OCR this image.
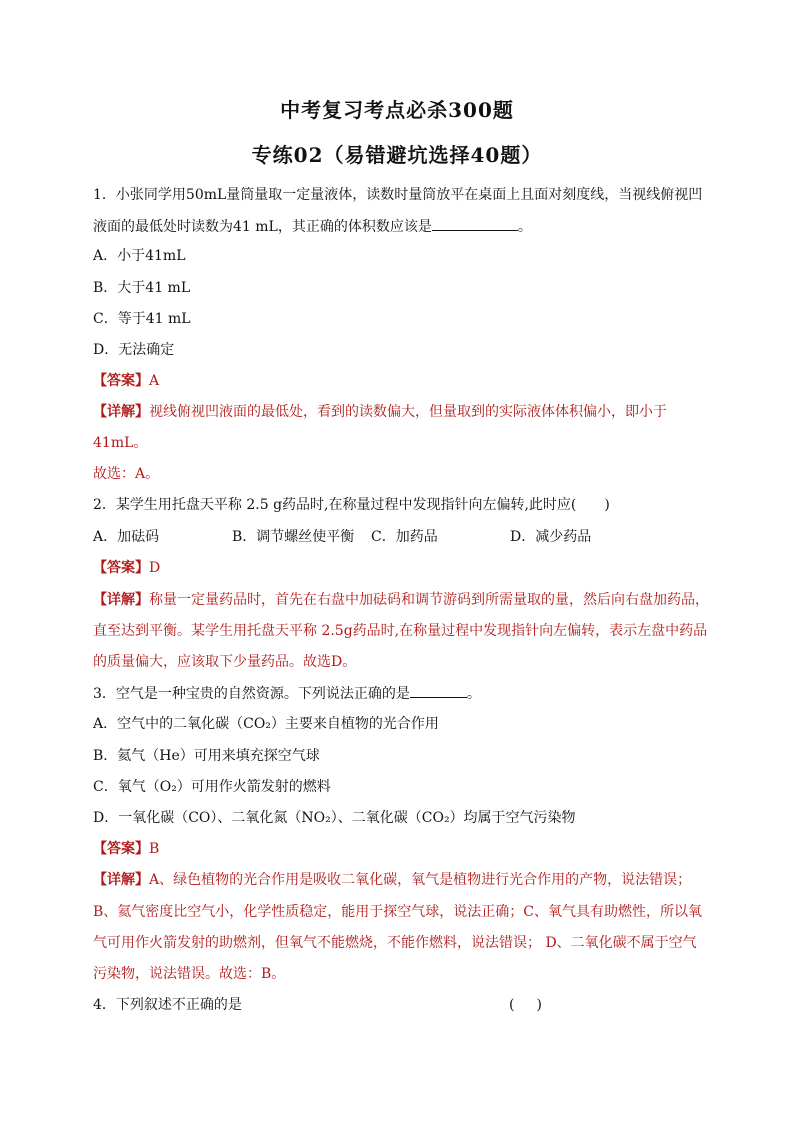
中考复习考点必杀300题
专练02（易错避坑选择40题）
1．小张同学用50mL量筒量取一定量液体，读数时量筒放平在桌面上且面对刻度线，当视线俯视凹
液面的最低处时读数为41 mL，其正确的体积数应该是	。
A．小于41mL
B．大于41 mL
C．等于41 mL
D．无法确定
【答案】A
【详解】视线俯视凹液面的最低处，看到的读数偏大，但量取到的实际液体体积偏小，即小于
41mL。
故选：A。
2．某学生用托盘天平称 2.5 g药品时,在称量过程中发现指针向左偏转,此时应( )
A．加砝码	B．调节螺丝使平衡 C．加药品	D．减少药品
【答案】D
【详解】称量一定量药品时，首先在右盘中加砝码和调节游码到所需量取的量，然后向右盘加药品，
直至达到平衡。某学生用托盘天平称 2.5g药品时,在称量过程中发现指针向左偏转，表示左盘中药品
的质量偏大，应该取下少量药品。故选D。
3．空气是一种宝贵的自然资源。下列说法正确的是	。
A．空气中的二氧化碳（CO₂）主要来自植物的光合作用
B．氦气（He）可用来填充探空气球
C．氧气（O₂）可用作火箭发射的燃料
D．一氧化碳（CO）、二氧化氮（NO₂）、二氧化碳（CO₂）均属于空气污染物
【答案】B
【详解】A、绿色植物的光合作用是吸收二氧化碳，氧气是植物进行光合作用的产物，说法错误；
B、氦气密度比空气小，化学性质稳定，能用于探空气球，说法正确；C、氧气具有助燃性，所以氧
气可用作火箭发射的助燃剂，但氧气不能燃烧，不能作燃料，说法错误； D、二氧化碳不属于空气
污染物，说法错误。故选：B。
4．下列叙述不正确的是	( )
